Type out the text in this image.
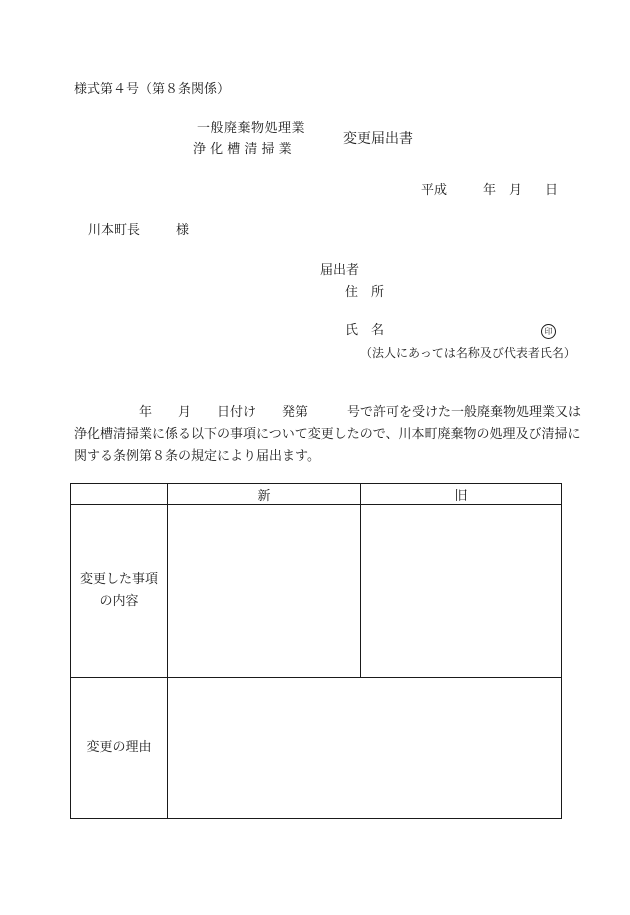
様式第４号（第８条関係）
一般廃棄物処理業
浄 化 槽 清 掃 業
変更届出書
平成	年 月 日
川本町長	様
届出者
住　所
氏　名	印
（法人にあっては名称及び代表者氏名）
　　　　　年　　月　　日付け　　発第　　　号で許可を受けた一般廃棄物処理業又は
浄化槽清掃業に係る以下の事項について変更したので、川本町廃棄物の処理及び清掃に
関する条例第８条の規定により届出ます。
	新	旧

変更した事項
の内容		

変更の理由		
